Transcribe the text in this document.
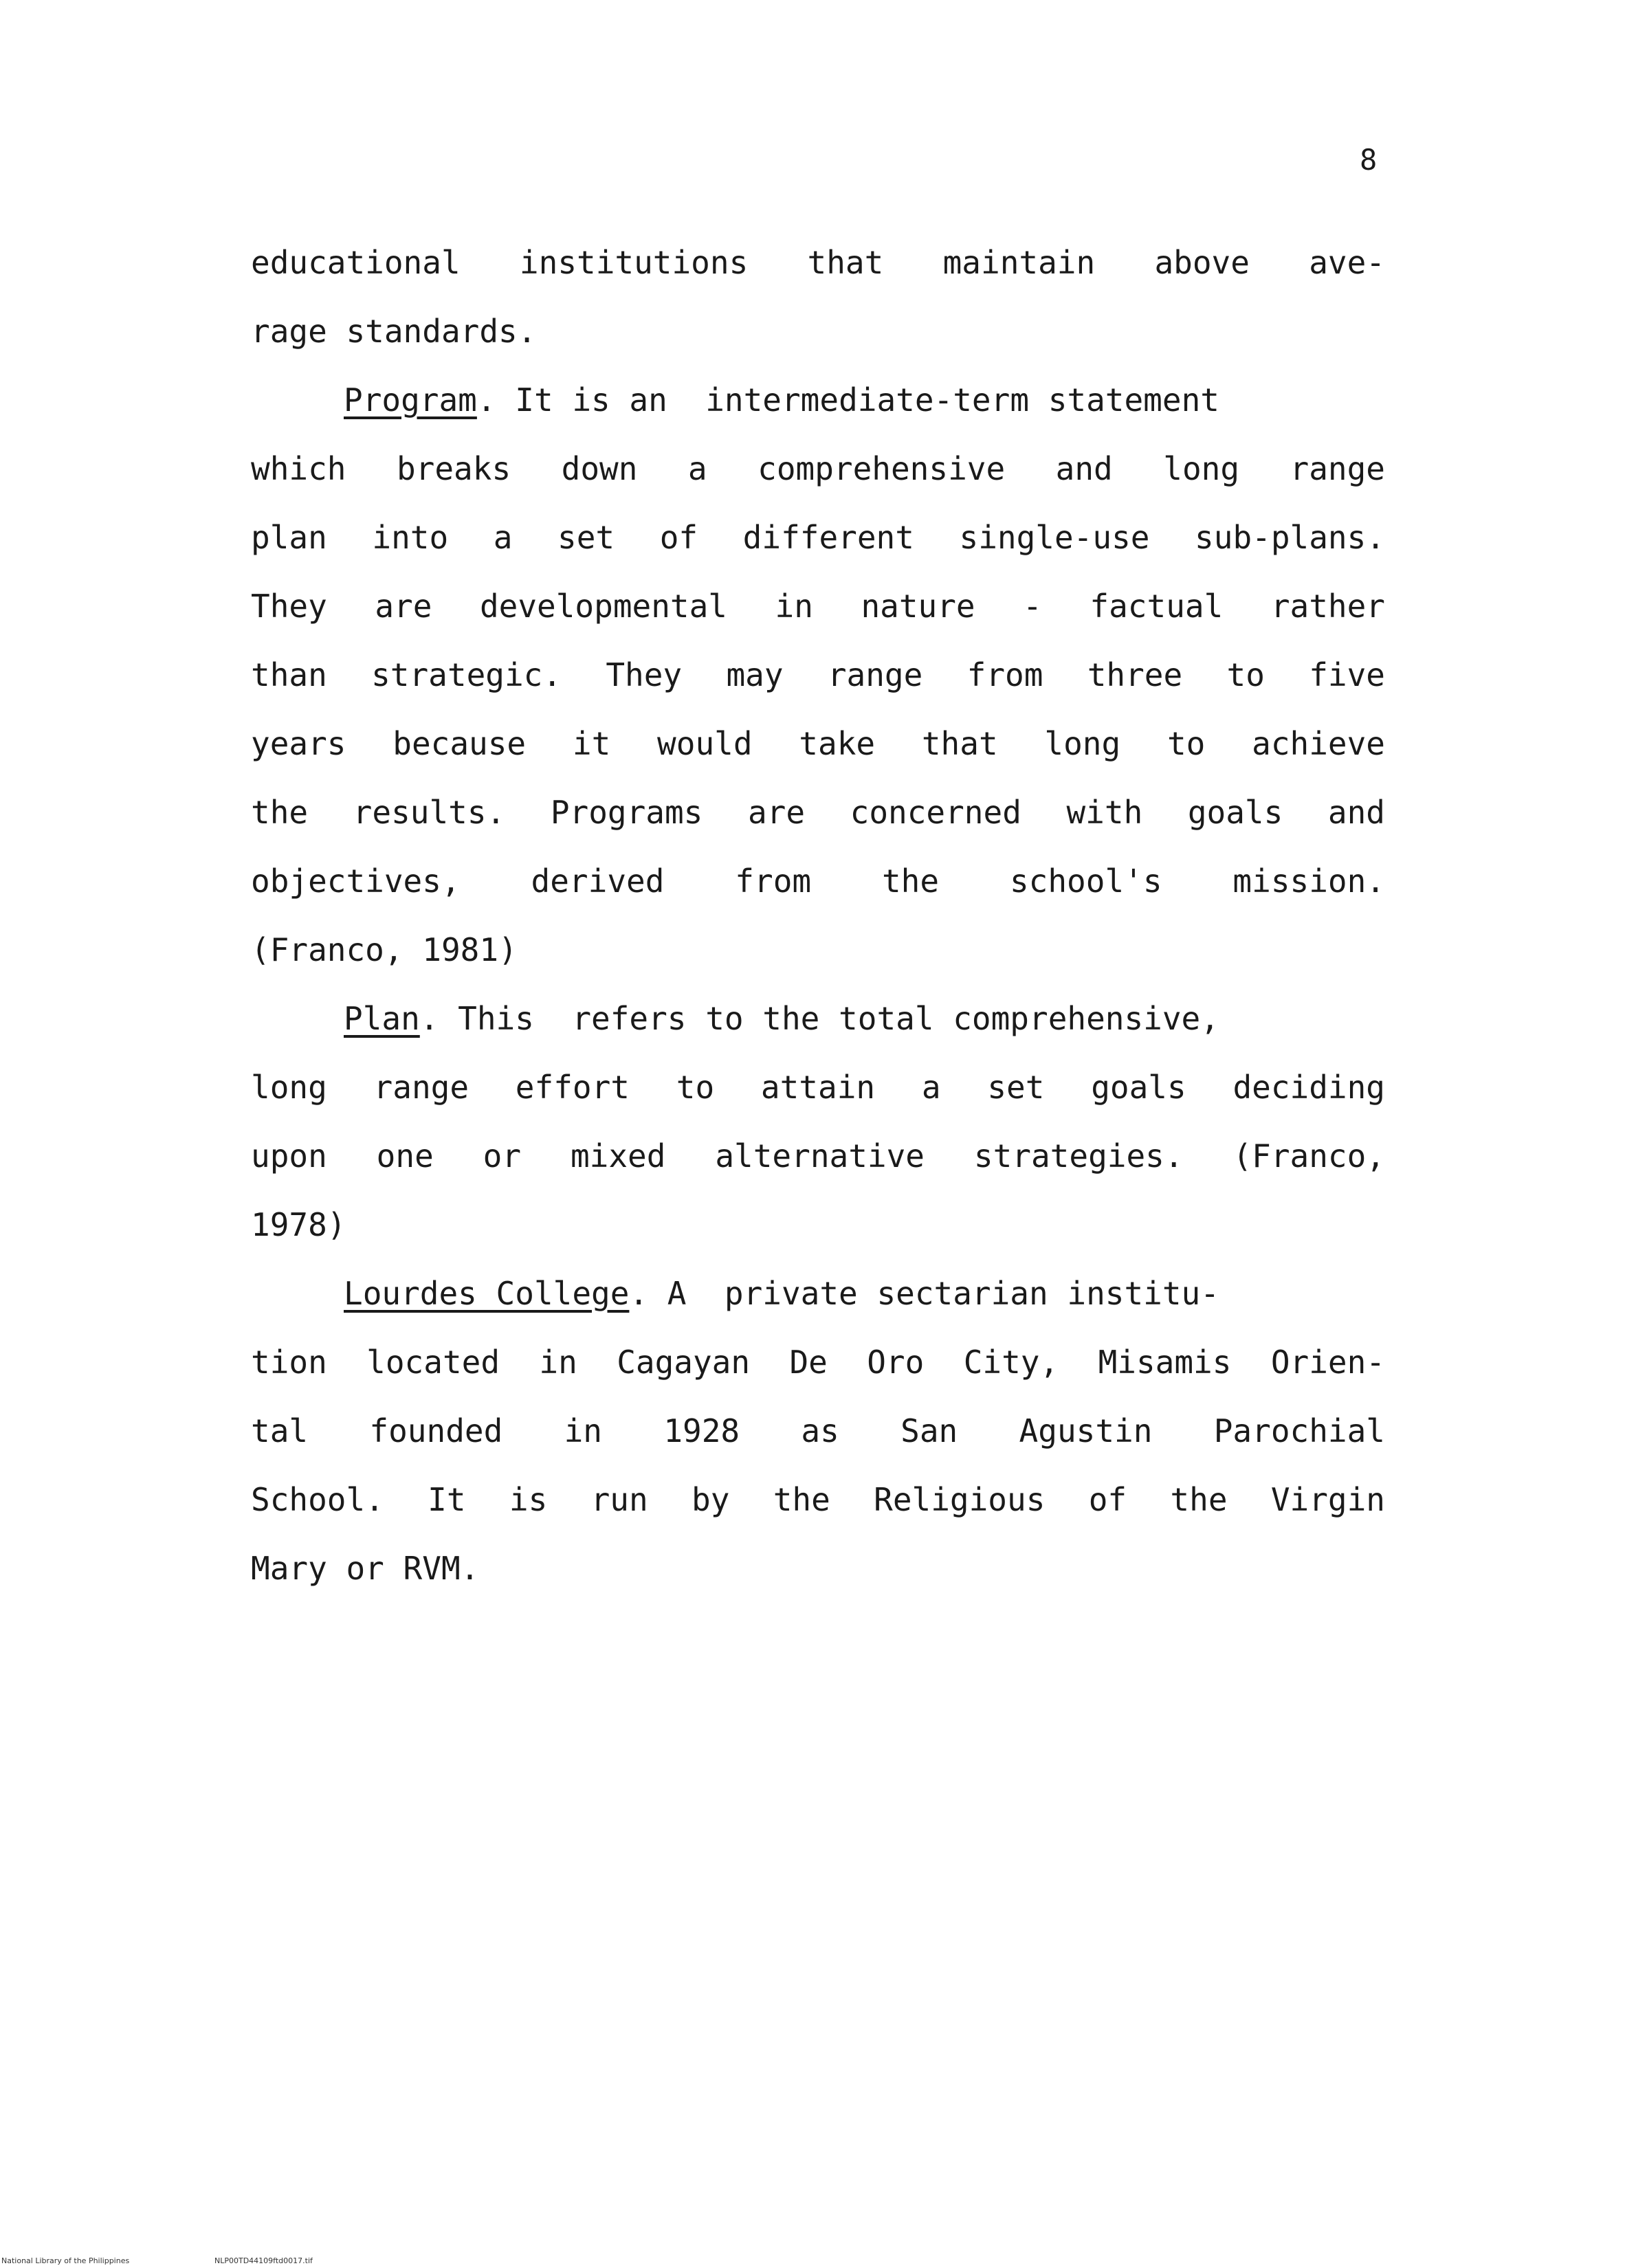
8
educational institutions that maintain above ave-
rage standards.
Program. It is an  intermediate-term statement
which breaks down a comprehensive and long range
plan into a set of different single-use sub-plans.
They are developmental in nature - factual rather
than strategic. They may range from three to five
years because it would take that long to achieve
the results. Programs are concerned with goals and
objectives, derived from the school's mission.
(Franco, 1981)
Plan. This  refers to the total comprehensive,
long range effort to attain a set goals deciding
upon one or mixed alternative strategies. (Franco,
1978)
Lourdes College. A  private sectarian institu-
tion located in Cagayan De Oro City, Misamis Orien-
tal founded in 1928 as San Agustin Parochial
School. It is run by the Religious of the Virgin
Mary or RVM.
National Library of the Philippines	NLP00TD44109ftd0017.tif
